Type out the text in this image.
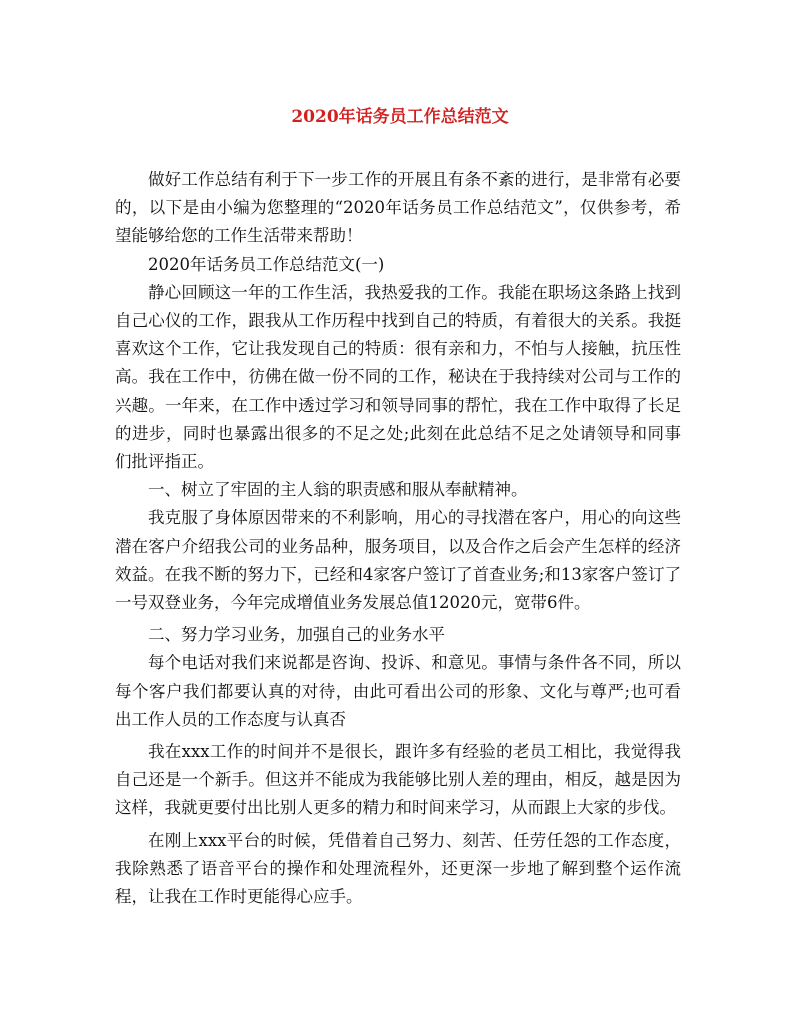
2020年话务员工作总结范文

做好工作总结有利于下一步工作的开展且有条不紊的进行，是非常有必要的，以下是由小编为您整理的“2020年话务员工作总结范文”，仅供参考，希望能够给您的工作生活带来帮助！

2020年话务员工作总结范文(一)

静心回顾这一年的工作生活，我热爱我的工作。我能在职场这条路上找到自己心仪的工作，跟我从工作历程中找到自己的特质，有着很大的关系。我挺喜欢这个工作，它让我发现自己的特质：很有亲和力，不怕与人接触，抗压性高。我在工作中，彷佛在做一份不同的工作，秘诀在于我持续对公司与工作的兴趣。一年来，在工作中透过学习和领导同事的帮忙，我在工作中取得了长足的进步，同时也暴露出很多的不足之处;此刻在此总结不足之处请领导和同事们批评指正。

一、树立了牢固的主人翁的职责感和服从奉献精神。

我克服了身体原因带来的不利影响，用心的寻找潜在客户，用心的向这些潜在客户介绍我公司的业务品种，服务项目，以及合作之后会产生怎样的经济效益。在我不断的努力下，已经和4家客户签订了首查业务;和13家客户签订了一号双登业务，今年完成增值业务发展总值12020元，宽带6件。

二、努力学习业务，加强自己的业务水平

每个电话对我们来说都是咨询、投诉、和意见。事情与条件各不同，所以每个客户我们都要认真的对待，由此可看出公司的形象、文化与尊严;也可看出工作人员的工作态度与认真否

我在xxx工作的时间并不是很长，跟许多有经验的老员工相比，我觉得我自己还是一个新手。但这并不能成为我能够比别人差的理由，相反，越是因为这样，我就更要付出比别人更多的精力和时间来学习，从而跟上大家的步伐。

在刚上xxx平台的时候，凭借着自己努力、刻苦、任劳任怨的工作态度，我除熟悉了语音平台的操作和处理流程外，还更深一步地了解到整个运作流程，让我在工作时更能得心应手。
